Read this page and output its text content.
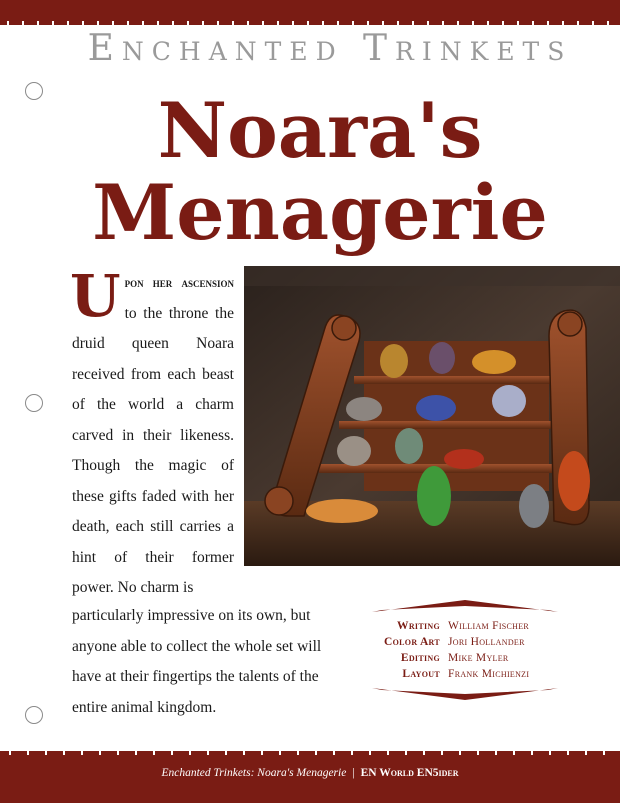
Enchanted Trinkets
Noara's
Menagerie
Upon her ascension to the throne the druid queen Noara received from each beast of the world a charm carved in their likeness. Though the magic of these gifts faded with her death, each still carries a hint of their former power. No charm is
particularly impressive on its own, but anyone able to collect the whole set will have at their fingertips the talents of the entire animal kingdom.
Writing William Fischer
Color Art Jori Hollander
Editing Mike Myler
Layout Frank Michienzi
Enchanted Trinkets: Noara's Menagerie | EN World EN5ider
